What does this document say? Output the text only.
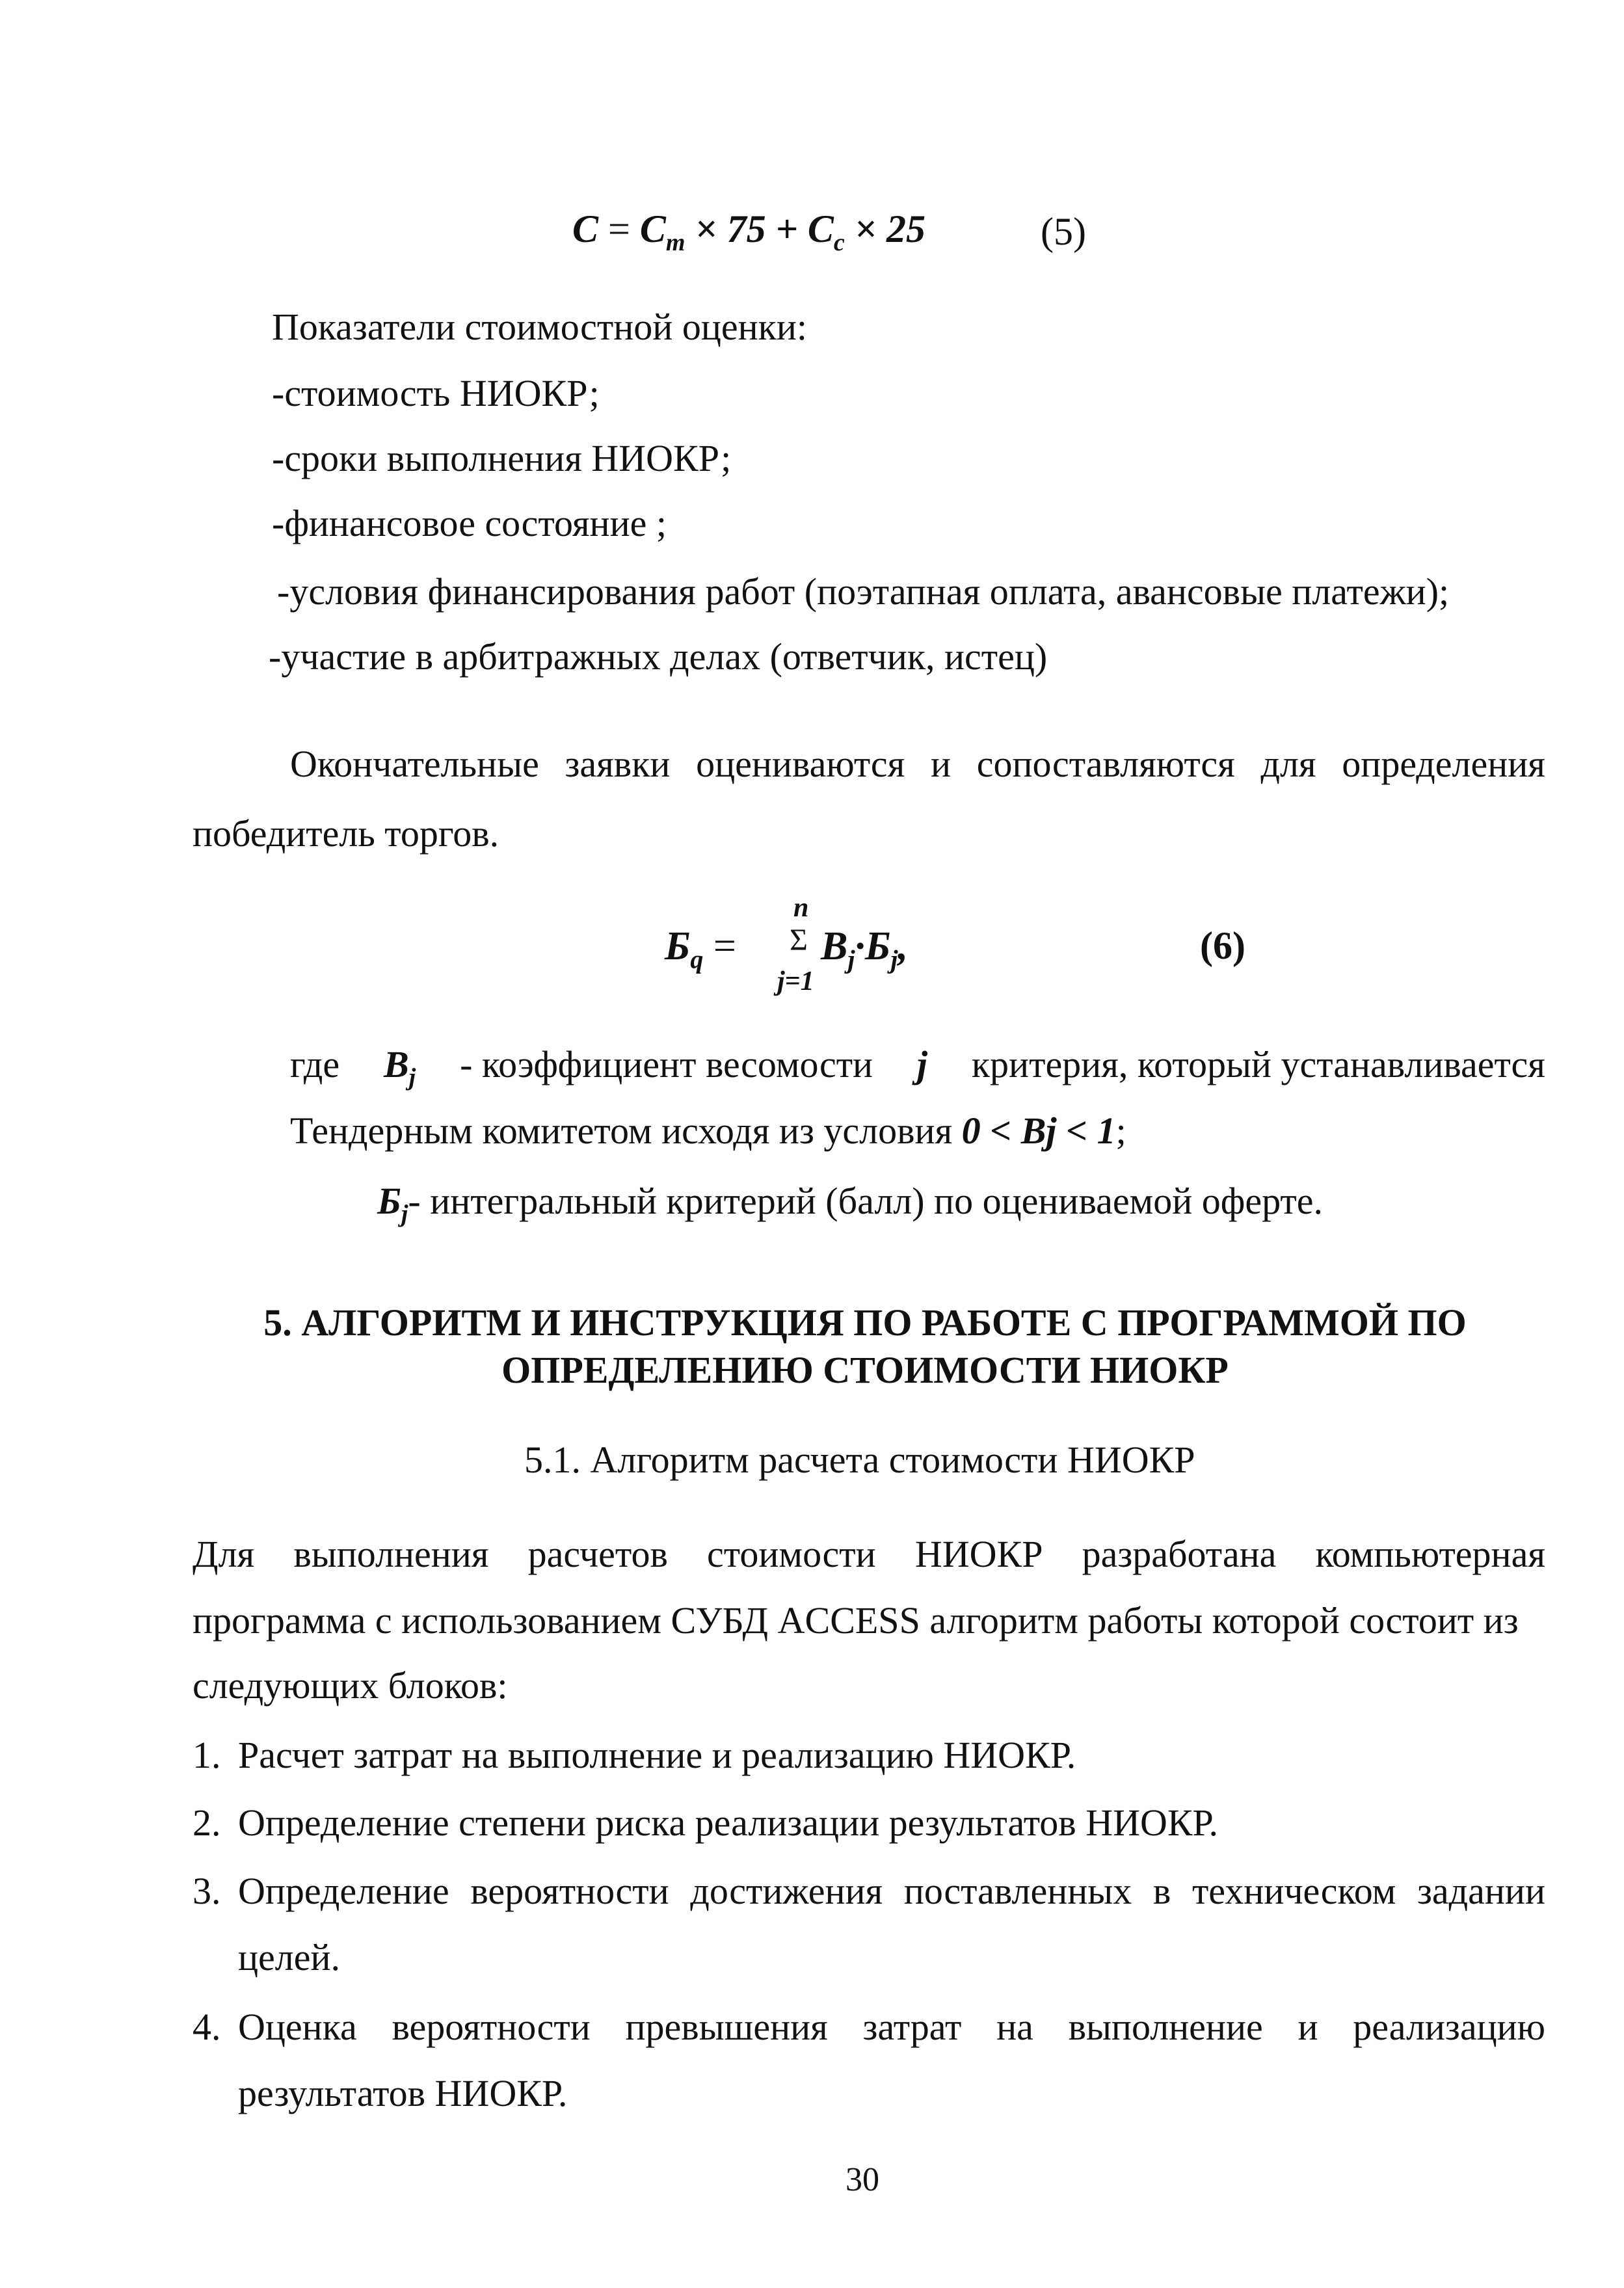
$C = C_m \times 75 + C_c \times 25$	(5)
Показатели стоимостной оценки:
-стоимость НИОКР;
-сроки выполнения НИОКР;
-финансовое состояние ;
-условия финансирования работ (поэтапная оплата, авансовые платежи);
-участие в арбитражных делах (ответчик, истец)
Окончательные заявки оцениваются и сопоставляются для определения
победитель торгов.
$Б_q$ =
n
Σ
j=1
$В_j\cdot Б_j$,	(6)
где $В_j$ - коэффициент весомости j критерия, который устанавливается
Тендерным комитетом исходя из условия 0 < Bj < 1;
$Б_j-$ интегральный критерий (балл) по оцениваемой оферте.
5. АЛГОРИТМ И ИНСТРУКЦИЯ ПО РАБОТЕ С ПРОГРАММОЙ ПО
ОПРЕДЕЛЕНИЮ СТОИМОСТИ НИОКР
5.1. Алгоритм расчета стоимости НИОКР
Для выполнения расчетов стоимости НИОКР разработана компьютерная
программа с использованием СУБД ACCESS алгоритм работы которой состоит из
следующих блоков:
1. Расчет затрат на выполнение и реализацию НИОКР.
2. Определение степени риска реализации результатов НИОКР.
3. Определение вероятности достижения поставленных в техническом задании
целей.
4. Оценка вероятности превышения затрат на выполнение и реализацию
результатов НИОКР.
30
